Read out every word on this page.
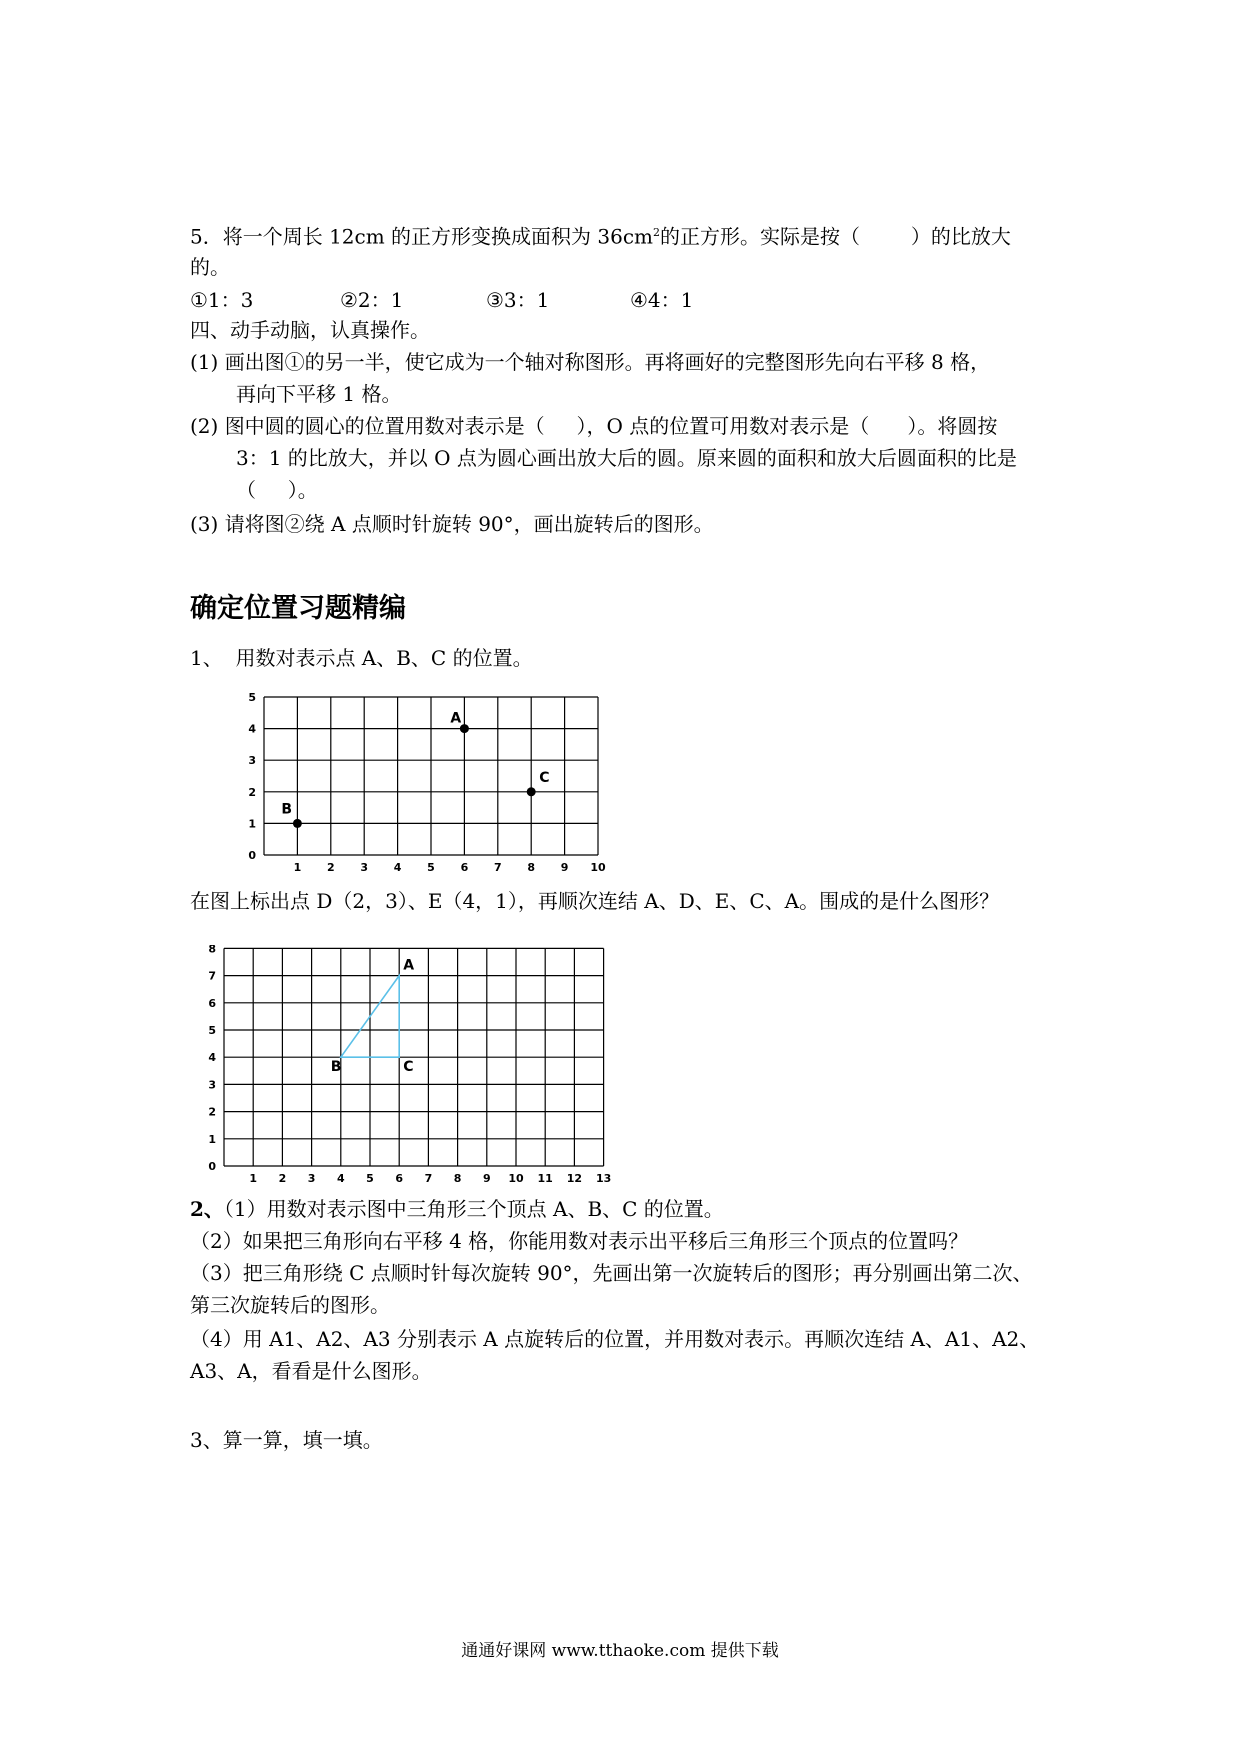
5．将一个周长 12cm 的正方形变换成面积为 $36cm^2$的正方形。实际是按（        ）的比放大
的。
①1：3	②2：1	③3：1	④4：1
四、动手动脑，认真操作。
(1) 画出图①的另一半，使它成为一个轴对称图形。再将画好的完整图形先向右平移 8 格，
再向下平移 1 格。
(2) 图中圆的圆心的位置用数对表示是（     ），O 点的位置可用数对表示是（      ）。将圆按
3：1 的比放大，并以 O 点为圆心画出放大后的圆。原来圆的面积和放大后圆面积的比是
（     ）。
(3) 请将图②绕 A 点顺时针旋转 90°，画出旋转后的图形。
确定位置习题精编
1、  用数对表示点 A、B、C 的位置。
1 2 3 4 5 6 7 8 9 10
0
1
2
3
4
5
A
B
C
在图上标出点 D（2，3）、E（4，1），再顺次连结 A、D、E、C、A。围成的是什么图形？
1 2 3 4 5 6 7 8 9 10 11 12 13
0
1
2
3
4
5
6
7
8
A
B	C
2、（1）用数对表示图中三角形三个顶点 A、B、C 的位置。
（2）如果把三角形向右平移 4 格，你能用数对表示出平移后三角形三个顶点的位置吗？
（3）把三角形绕 C 点顺时针每次旋转 90°，先画出第一次旋转后的图形；再分别画出第二次、
第三次旋转后的图形。
（4）用 A1、A2、A3 分别表示 A 点旋转后的位置，并用数对表示。再顺次连结 A、A1、A2、
A3、A，看看是什么图形。
3、算一算，填一填。
通通好课网 www.tthaoke.com 提供下载
